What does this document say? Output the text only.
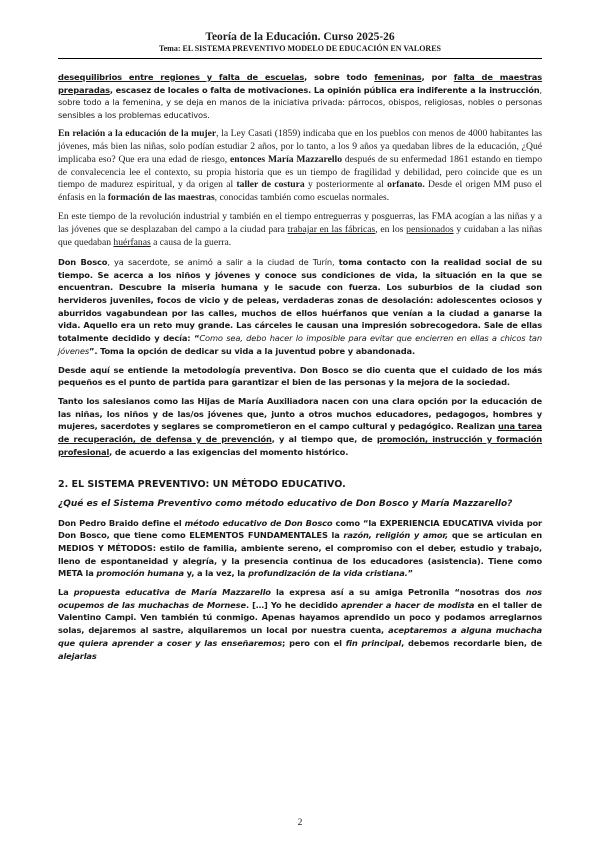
Teoría de la Educación. Curso 2025-26
Tema: EL SISTEMA PREVENTIVO MODELO DE EDUCACIÓN EN VALORES

desequilibrios entre regiones y falta de escuelas, sobre todo femeninas, por falta de maestras preparadas, escasez de locales o falta de motivaciones. La opinión pública era indiferente a la instrucción, sobre todo a la femenina, y se deja en manos de la iniciativa privada: párrocos, obispos, religiosas, nobles o personas sensibles a los problemas educativos.

En relación a la educación de la mujer, la Ley Casati (1859) indicaba que en los pueblos con menos de 4000 habitantes las jóvenes, más bien las niñas, solo podían estudiar 2 años, por lo tanto, a los 9 años ya quedaban libres de la educación, ¿Qué implicaba eso? Que era una edad de riesgo, entonces María Mazzarello después de su enfermedad 1861 estando en tiempo de convalecencia lee el contexto, su propia historia que es un tiempo de fragilidad y debilidad, pero coincide que es un tiempo de madurez espiritual, y da origen al taller de costura y posteriormente al orfanato. Desde el origen MM puso el énfasis en la formación de las maestras, conocidas también como escuelas normales.

En este tiempo de la revolución industrial y también en el tiempo entreguerras y posguerras, las FMA acogían a las niñas y a las jóvenes que se desplazaban del campo a la ciudad para trabajar en las fábricas, en los pensionados y cuidaban a las niñas que quedaban huérfanas a causa de la guerra.

Don Bosco, ya sacerdote, se animó a salir a la ciudad de Turín, toma contacto con la realidad social de su tiempo. Se acerca a los niños y jóvenes y conoce sus condiciones de vida, la situación en la que se encuentran. Descubre la miseria humana y le sacude con fuerza. Los suburbios de la ciudad son hervideros juveniles, focos de vicio y de peleas, verdaderas zonas de desolación: adolescentes ociosos y aburridos vagabundean por las calles, muchos de ellos huérfanos que venían a la ciudad a ganarse la vida. Aquello era un reto muy grande. Las cárceles le causan una impresión sobrecogedora. Sale de ellas totalmente decidido y decía: “Como sea, debo hacer lo imposible para evitar que encierren en ellas a chicos tan jóvenes”. Toma la opción de dedicar su vida a la juventud pobre y abandonada.

Desde aquí se entiende la metodología preventiva. Don Bosco se dio cuenta que el cuidado de los más pequeños es el punto de partida para garantizar el bien de las personas y la mejora de la sociedad.

Tanto los salesianos como las Hijas de María Auxiliadora nacen con una clara opción por la educación de las niñas, los niños y de las/os jóvenes que, junto a otros muchos educadores, pedagogos, hombres y mujeres, sacerdotes y seglares se comprometieron en el campo cultural y pedagógico. Realizan una tarea de recuperación, de defensa y de prevención, y al tiempo que, de promoción, instrucción y formación profesional, de acuerdo a las exigencias del momento histórico.

2. EL SISTEMA PREVENTIVO: UN MÉTODO EDUCATIVO.
¿Qué es el Sistema Preventivo como método educativo de Don Bosco y María Mazzarello?

Don Pedro Braido define el método educativo de Don Bosco como “la EXPERIENCIA EDUCATIVA vivida por Don Bosco, que tiene como ELEMENTOS FUNDAMENTALES la razón, religión y amor, que se articulan en MEDIOS Y MÉTODOS: estilo de familia, ambiente sereno, el compromiso con el deber, estudio y trabajo, lleno de espontaneidad y alegría, y la presencia continua de los educadores (asistencia). Tiene como META la promoción humana y, a la vez, la profundización de la vida cristiana.”

La propuesta educativa de María Mazzarello la expresa así a su amiga Petronila “nosotras dos nos ocupemos de las muchachas de Mornese. […] Yo he decidido aprender a hacer de modista en el taller de Valentino Campi. Ven también tú conmigo. Apenas hayamos aprendido un poco y podamos arreglarnos solas, dejaremos al sastre, alquilaremos un local por nuestra cuenta, aceptaremos a alguna muchacha que quiera aprender a coser y las enseñaremos; pero con el fin principal, debemos recordarle bien, de alejarlas

2
